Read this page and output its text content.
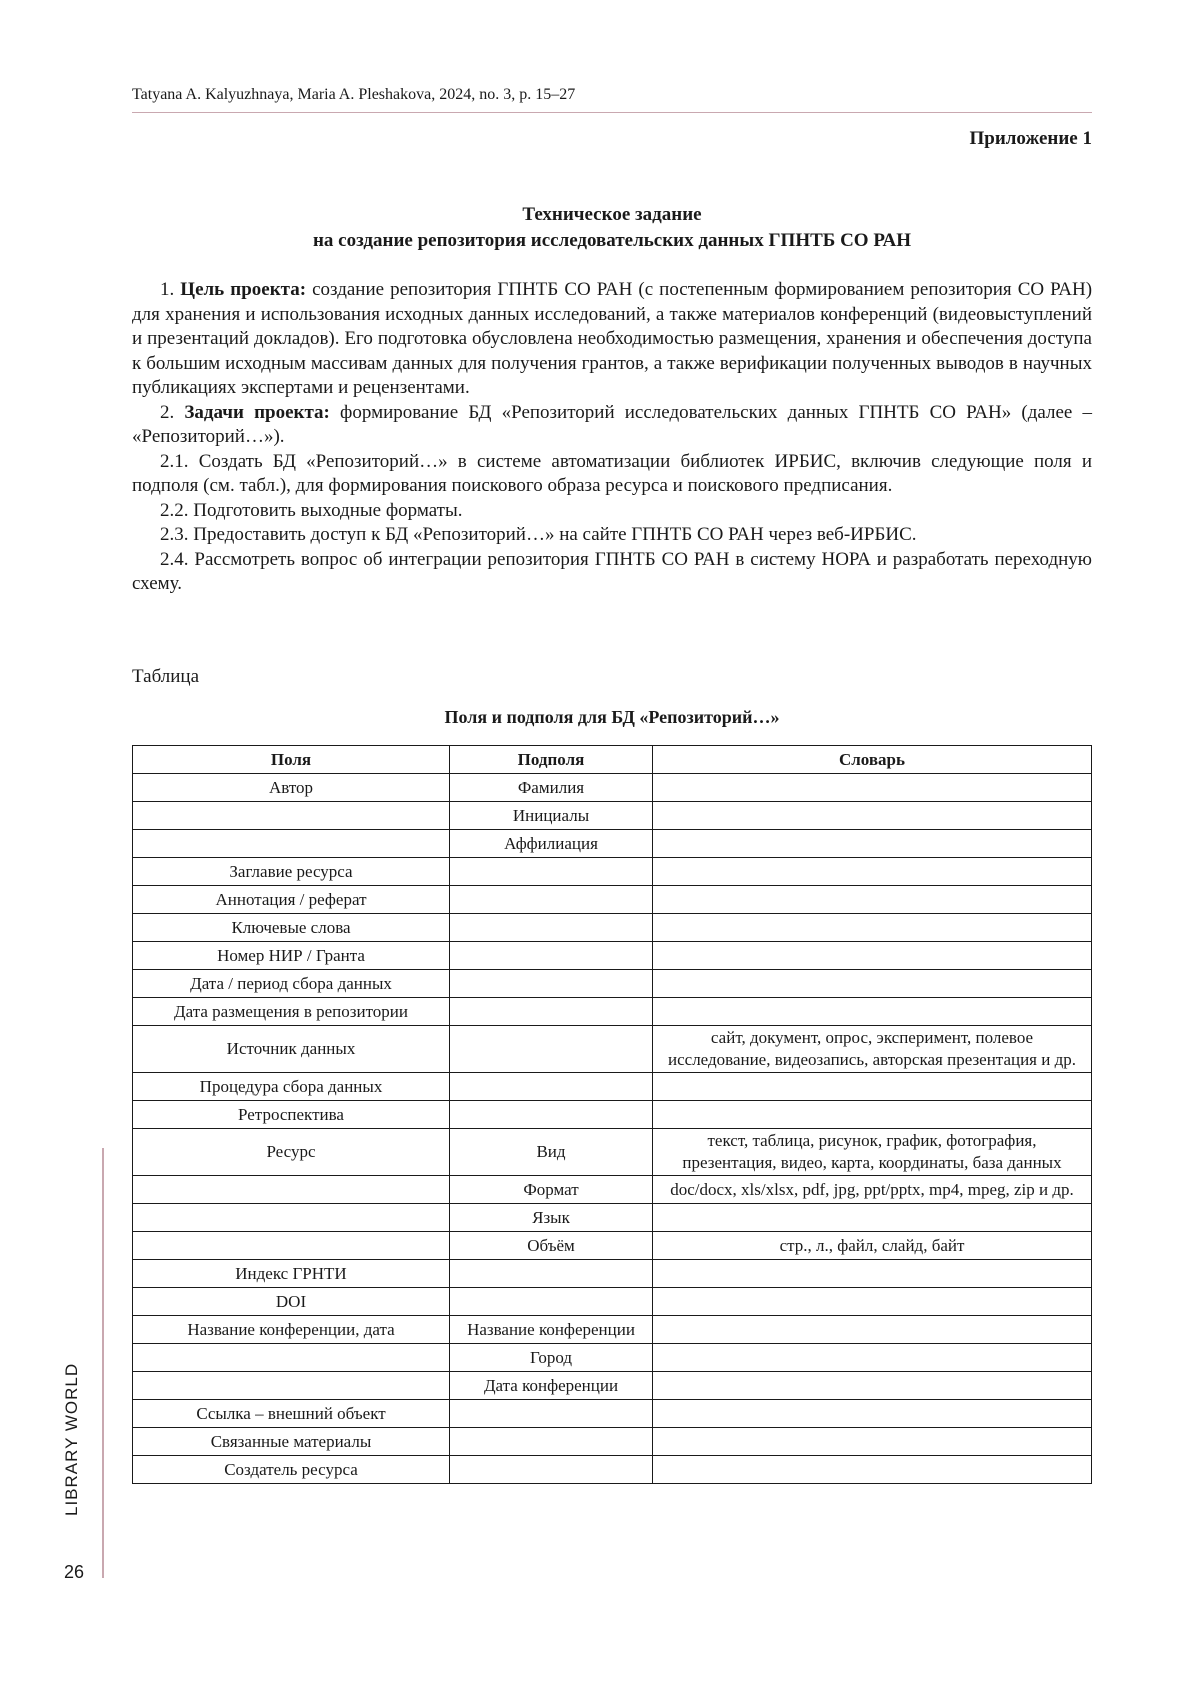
Tatyana A. Kalyuzhnaya, Maria A. Pleshakova, 2024, no. 3, p. 15–27
Приложение 1
Техническое задание
на создание репозитория исследовательских данных ГПНТБ СО РАН

1. Цель проекта: создание репозитория ГПНТБ СО РАН (с постепенным формированием репозитория СО РАН) для хранения и использования исходных данных исследований, а также материалов конференций (видеовыступлений и презентаций докладов). Его подготовка обусловлена необходимостью размещения, хранения и обеспечения доступа к большим исходным массивам данных для получения грантов, а также верификации полученных выводов в научных публикациях экспертами и рецензентами.

2. Задачи проекта: формирование БД «Репозиторий исследовательских данных ГПНТБ СО РАН» (далее – «Репозиторий…»).

2.1. Создать БД «Репозиторий…» в системе автоматизации библиотек ИРБИС, включив следующие поля и подполя (см. табл.), для формирования поискового образа ресурса и поискового предписания.

2.2. Подготовить выходные форматы.

2.3. Предоставить доступ к БД «Репозиторий…» на сайте ГПНТБ СО РАН через веб-ИРБИС.

2.4. Рассмотреть вопрос об интеграции репозитория ГПНТБ СО РАН в систему НОРА и разработать переходную схему.

Таблица
Поля и подполя для БД «Репозиторий…»
Поля	Подполя	Словарь
Автор	Фамилия	
	Инициалы	
	Аффилиация	
Заглавие ресурса		
Аннотация / реферат		
Ключевые слова		
Номер НИР / Гранта		
Дата / период сбора данных		
Дата размещения в репозитории		
Источник данных		сайт, документ, опрос, эксперимент, полевое исследование, видеозапись, авторская презентация и др.
Процедура сбора данных		
Ретроспектива		
Ресурс	Вид	текст, таблица, рисунок, график, фотография, презентация, видео, карта, координаты, база данных
	Формат	doc/docx, xls/xlsx, pdf, jpg, ppt/pptx, mp4, mpeg, zip и др.
	Язык	
	Объём	стр., л., файл, слайд, байт
Индекс ГРНТИ		
DOI		
Название конференции, дата	Название конференции	
	Город	
	Дата конференции	
Ссылка – внешний объект		
Связанные материалы		
Создатель ресурса		
LIBRARY WORLD
26
